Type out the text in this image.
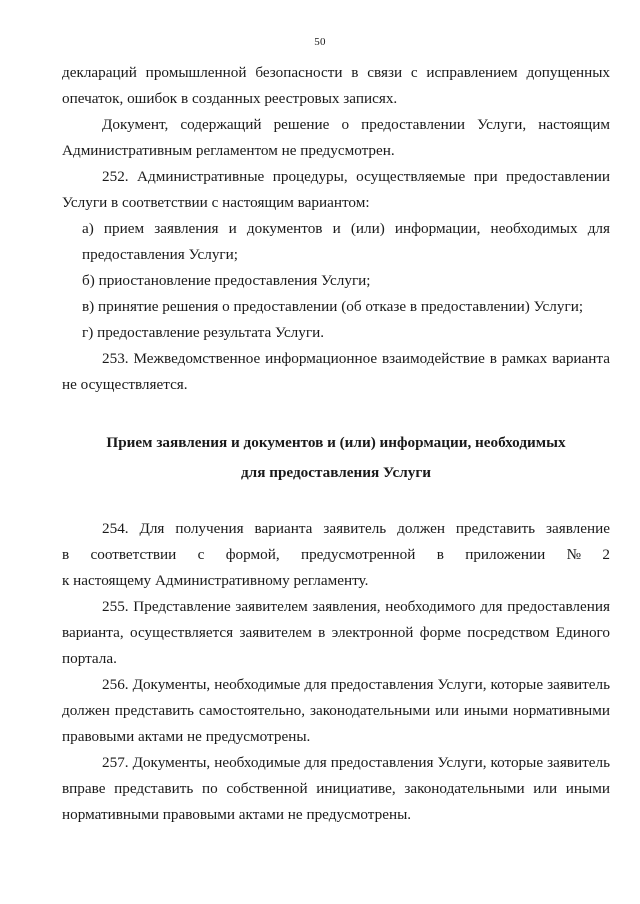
50

деклараций промышленной безопасности в связи с исправлением допущенных опечаток, ошибок в созданных реестровых записях.

Документ, содержащий решение о предоставлении Услуги, настоящим Административным регламентом не предусмотрен.

252. Административные процедуры, осуществляемые при предоставлении Услуги в соответствии с настоящим вариантом:

а) прием заявления и документов и (или) информации, необходимых для предоставления Услуги;

б) приостановление предоставления Услуги;

в) принятие решения о предоставлении (об отказе в предоставлении) Услуги;

г) предоставление результата Услуги.

253. Межведомственное информационное взаимодействие в рамках варианта не осуществляется.

Прием заявления и документов и (или) информации, необходимых

для предоставления Услуги

254. Для получения варианта заявитель должен представить заявление

в соответствии с формой, предусмотренной в приложении № 2

к настоящему Административному регламенту.

255. Представление заявителем заявления, необходимого для предоставления варианта, осуществляется заявителем в электронной форме посредством Единого портала.

256. Документы, необходимые для предоставления Услуги, которые заявитель должен представить самостоятельно, законодательными или иными нормативными правовыми актами не предусмотрены.

257. Документы, необходимые для предоставления Услуги, которые заявитель вправе представить по собственной инициативе, законодательными или иными нормативными правовыми актами не предусмотрены.
